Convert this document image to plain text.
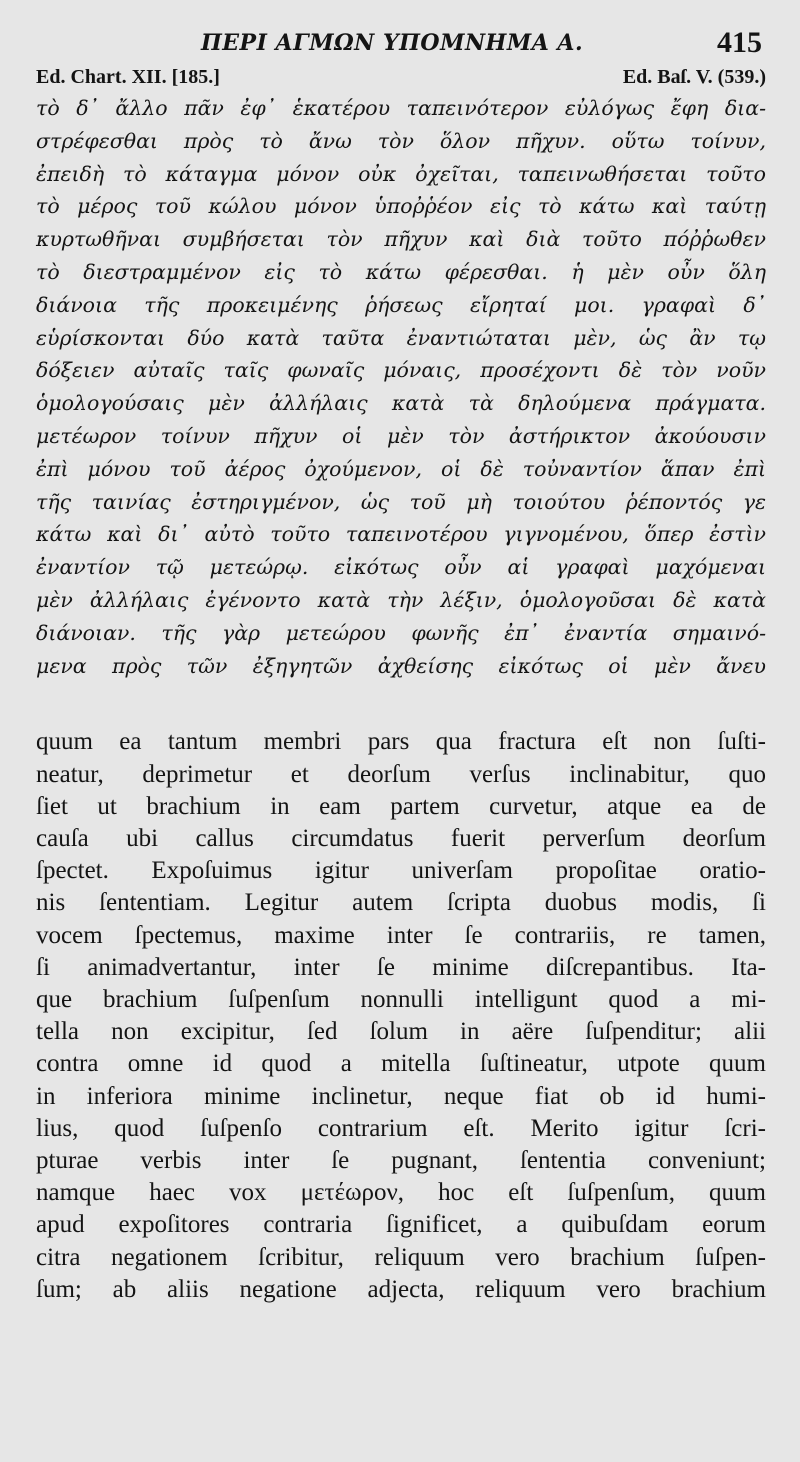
ΠΕΡΙ ΑΓΜΩΝ ΥΠΟΜΝΗΜΑ Α.	415
Ed. Chart. XII. [185.]	Ed. Baſ. V. (539.)
τὸ δ᾽ ἄλλο πᾶν ἐφ᾽ ἑκατέρου ταπεινότερον εὐλόγως ἔφη δια-
στρέφεσθαι πρὸς τὸ ἄνω τὸν ὅλον πῆχυν. οὕτω τοίνυν,
ἐπειδὴ τὸ κάταγμα μόνον οὐκ ὀχεῖται, ταπεινωθήσεται τοῦτο
τὸ μέρος τοῦ κώλου μόνον ὑποῤῥέον εἰς τὸ κάτω καὶ ταύτῃ
κυρτωθῆναι συμβήσεται τὸν πῆχυν καὶ διὰ τοῦτο πόῤῥωθεν
τὸ διεστραμμένον εἰς τὸ κάτω φέρεσθαι. ἡ μὲν οὖν ὅλη
διάνοια τῆς προκειμένης ῥήσεως εἴρηταί μοι. γραφαὶ δ᾽
εὑρίσκονται δύο κατὰ ταῦτα ἐναντιώταται μὲν, ὡς ἂν τῳ
δόξειεν αὐταῖς ταῖς φωναῖς μόναις, προσέχοντι δὲ τὸν νοῦν
ὁμολογούσαις μὲν ἀλλήλαις κατὰ τὰ δηλούμενα πράγματα.
μετέωρον τοίνυν πῆχυν οἱ μὲν τὸν ἀστήρικτον ἀκούουσιν
ἐπὶ μόνου τοῦ ἀέρος ὀχούμενον, οἱ δὲ τοὐναντίον ἅπαν ἐπὶ
τῆς ταινίας ἐστηριγμένον, ὡς τοῦ μὴ τοιούτου ῥέποντός γε
κάτω καὶ δι᾽ αὐτὸ τοῦτο ταπεινοτέρου γιγνομένου, ὅπερ ἐστὶν
ἐναντίον τῷ μετεώρῳ. εἰκότως οὖν αἱ γραφαὶ μαχόμεναι
μὲν ἀλλήλαις ἐγένοντο κατὰ τὴν λέξιν, ὁμολογοῦσαι δὲ κατὰ
διάνοιαν. τῆς γὰρ μετεώρου φωνῆς ἐπ᾽ ἐναντία σημαινό-
μενα πρὸς τῶν ἐξηγητῶν ἀχθείσης εἰκότως οἱ μὲν ἄνευ
quum ea tantum membri pars qua fractura eſt non ſuſti-
neatur, deprimetur et deorſum verſus inclinabitur, quo
ſiet ut brachium in eam partem curvetur, atque ea de
cauſa ubi callus circumdatus fuerit perverſum deorſum
ſpectet. Expoſuimus igitur univerſam propoſitae oratio-
nis ſententiam. Legitur autem ſcripta duobus modis, ſi
vocem ſpectemus, maxime inter ſe contrariis, re tamen,
ſi animadvertantur, inter ſe minime diſcrepantibus. Ita-
que brachium ſuſpenſum nonnulli intelligunt quod a mi-
tella non excipitur, ſed ſolum in aëre ſuſpenditur; alii
contra omne id quod a mitella ſuſtineatur, utpote quum
in inferiora minime inclinetur, neque fiat ob id humi-
lius, quod ſuſpenſo contrarium eſt. Merito igitur ſcri-
pturae verbis inter ſe pugnant, ſententia conveniunt;
namque haec vox μετέωρον, hoc eſt ſuſpenſum, quum
apud expoſitores contraria ſignificet, a quibuſdam eorum
citra negationem ſcribitur, reliquum vero brachium ſuſpen-
ſum; ab aliis negatione adjecta, reliquum vero brachium
